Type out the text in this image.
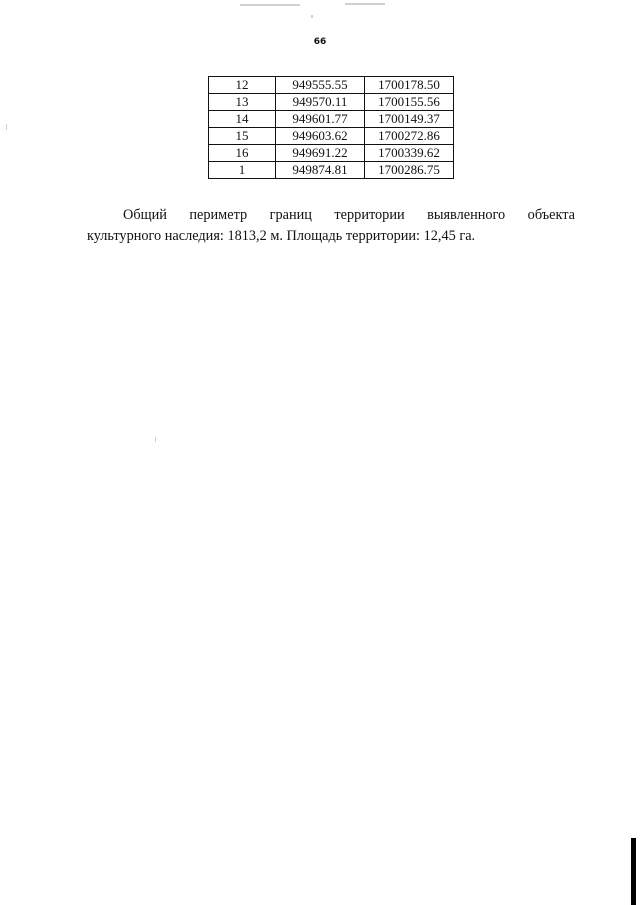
66
12	949555.55	1700178.50
13	949570.11	1700155.56
14	949601.77	1700149.37
15	949603.62	1700272.86
16	949691.22	1700339.62
1	949874.81	1700286.75
Общий периметр границ территории выявленного объекта
культурного наследия: 1813,2 м. Площадь территории: 12,45 га.
